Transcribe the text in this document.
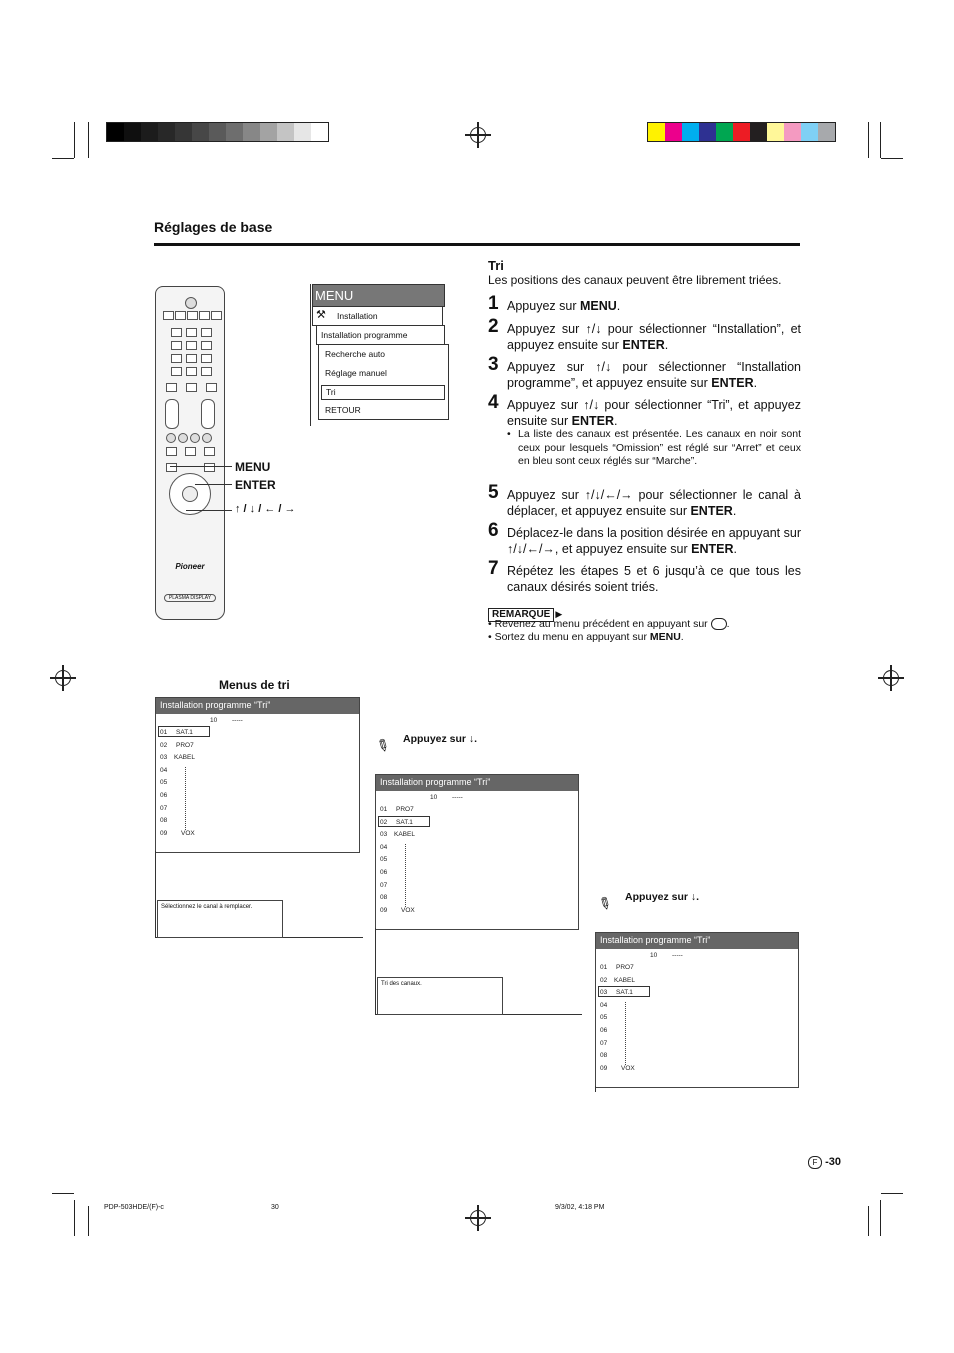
Réglages de base
Pioneer
PLASMA DISPLAY
MENU
ENTER
↑ / ↓ / ← / →
MENU
⚒ Installation
Installation programme
Recherche auto
Réglage manuel
Tri
RETOUR
Tri
Les positions des canaux peuvent être librement triées.
1 Appuyez sur MENU.
2 Appuyez sur ↑/↓ pour sélectionner “Installation”, et appuyez ensuite sur ENTER.
3 Appuyez sur ↑/↓ pour sélectionner “Installation programme”, et appuyez ensuite sur ENTER.
4 Appuyez sur ↑/↓ pour sélectionner “Tri”, et appuyez ensuite sur ENTER.
• La liste des canaux est présentée. Les canaux en noir sont ceux pour lesquels “Omission” est réglé sur “Arret” et ceux en bleu sont ceux réglés sur “Marche”.
5 Appuyez sur ↑/↓/←/→ pour sélectionner le canal à déplacer, et appuyez ensuite sur ENTER.
6 Déplacez-le dans la position désirée en appuyant sur ↑/↓/←/→, et appuyez ensuite sur ENTER.
7 Répétez les étapes 5 et 6 jusqu’à ce que tous les canaux désirés soient triés.
REMARQUE ▶
• Revenez au menu précédent en appuyant sur .
• Sortez du menu en appuyant sur MENU.
Menus de tri
Installation programme “Tri”
10 -----
01 SAT.1
02 PRO7
03 KABEL
04
05
06
07
08
09 VOX
Sélectionnez le canal à remplacer.
✎ Appuyez sur ↓.
Installation programme “Tri”
10 -----
01 PRO7
02 SAT.1
03 KABEL
04
05
06
07
08
09 VOX
Tri des canaux.
✎ Appuyez sur ↓.
Installation programme “Tri”
10 -----
01 PRO7
02 KABEL
03 SAT.1
04
05
06
07
08
09 VOX
F -30
PDP-503HDE/(F)-c	30	9/3/02, 4:18 PM
